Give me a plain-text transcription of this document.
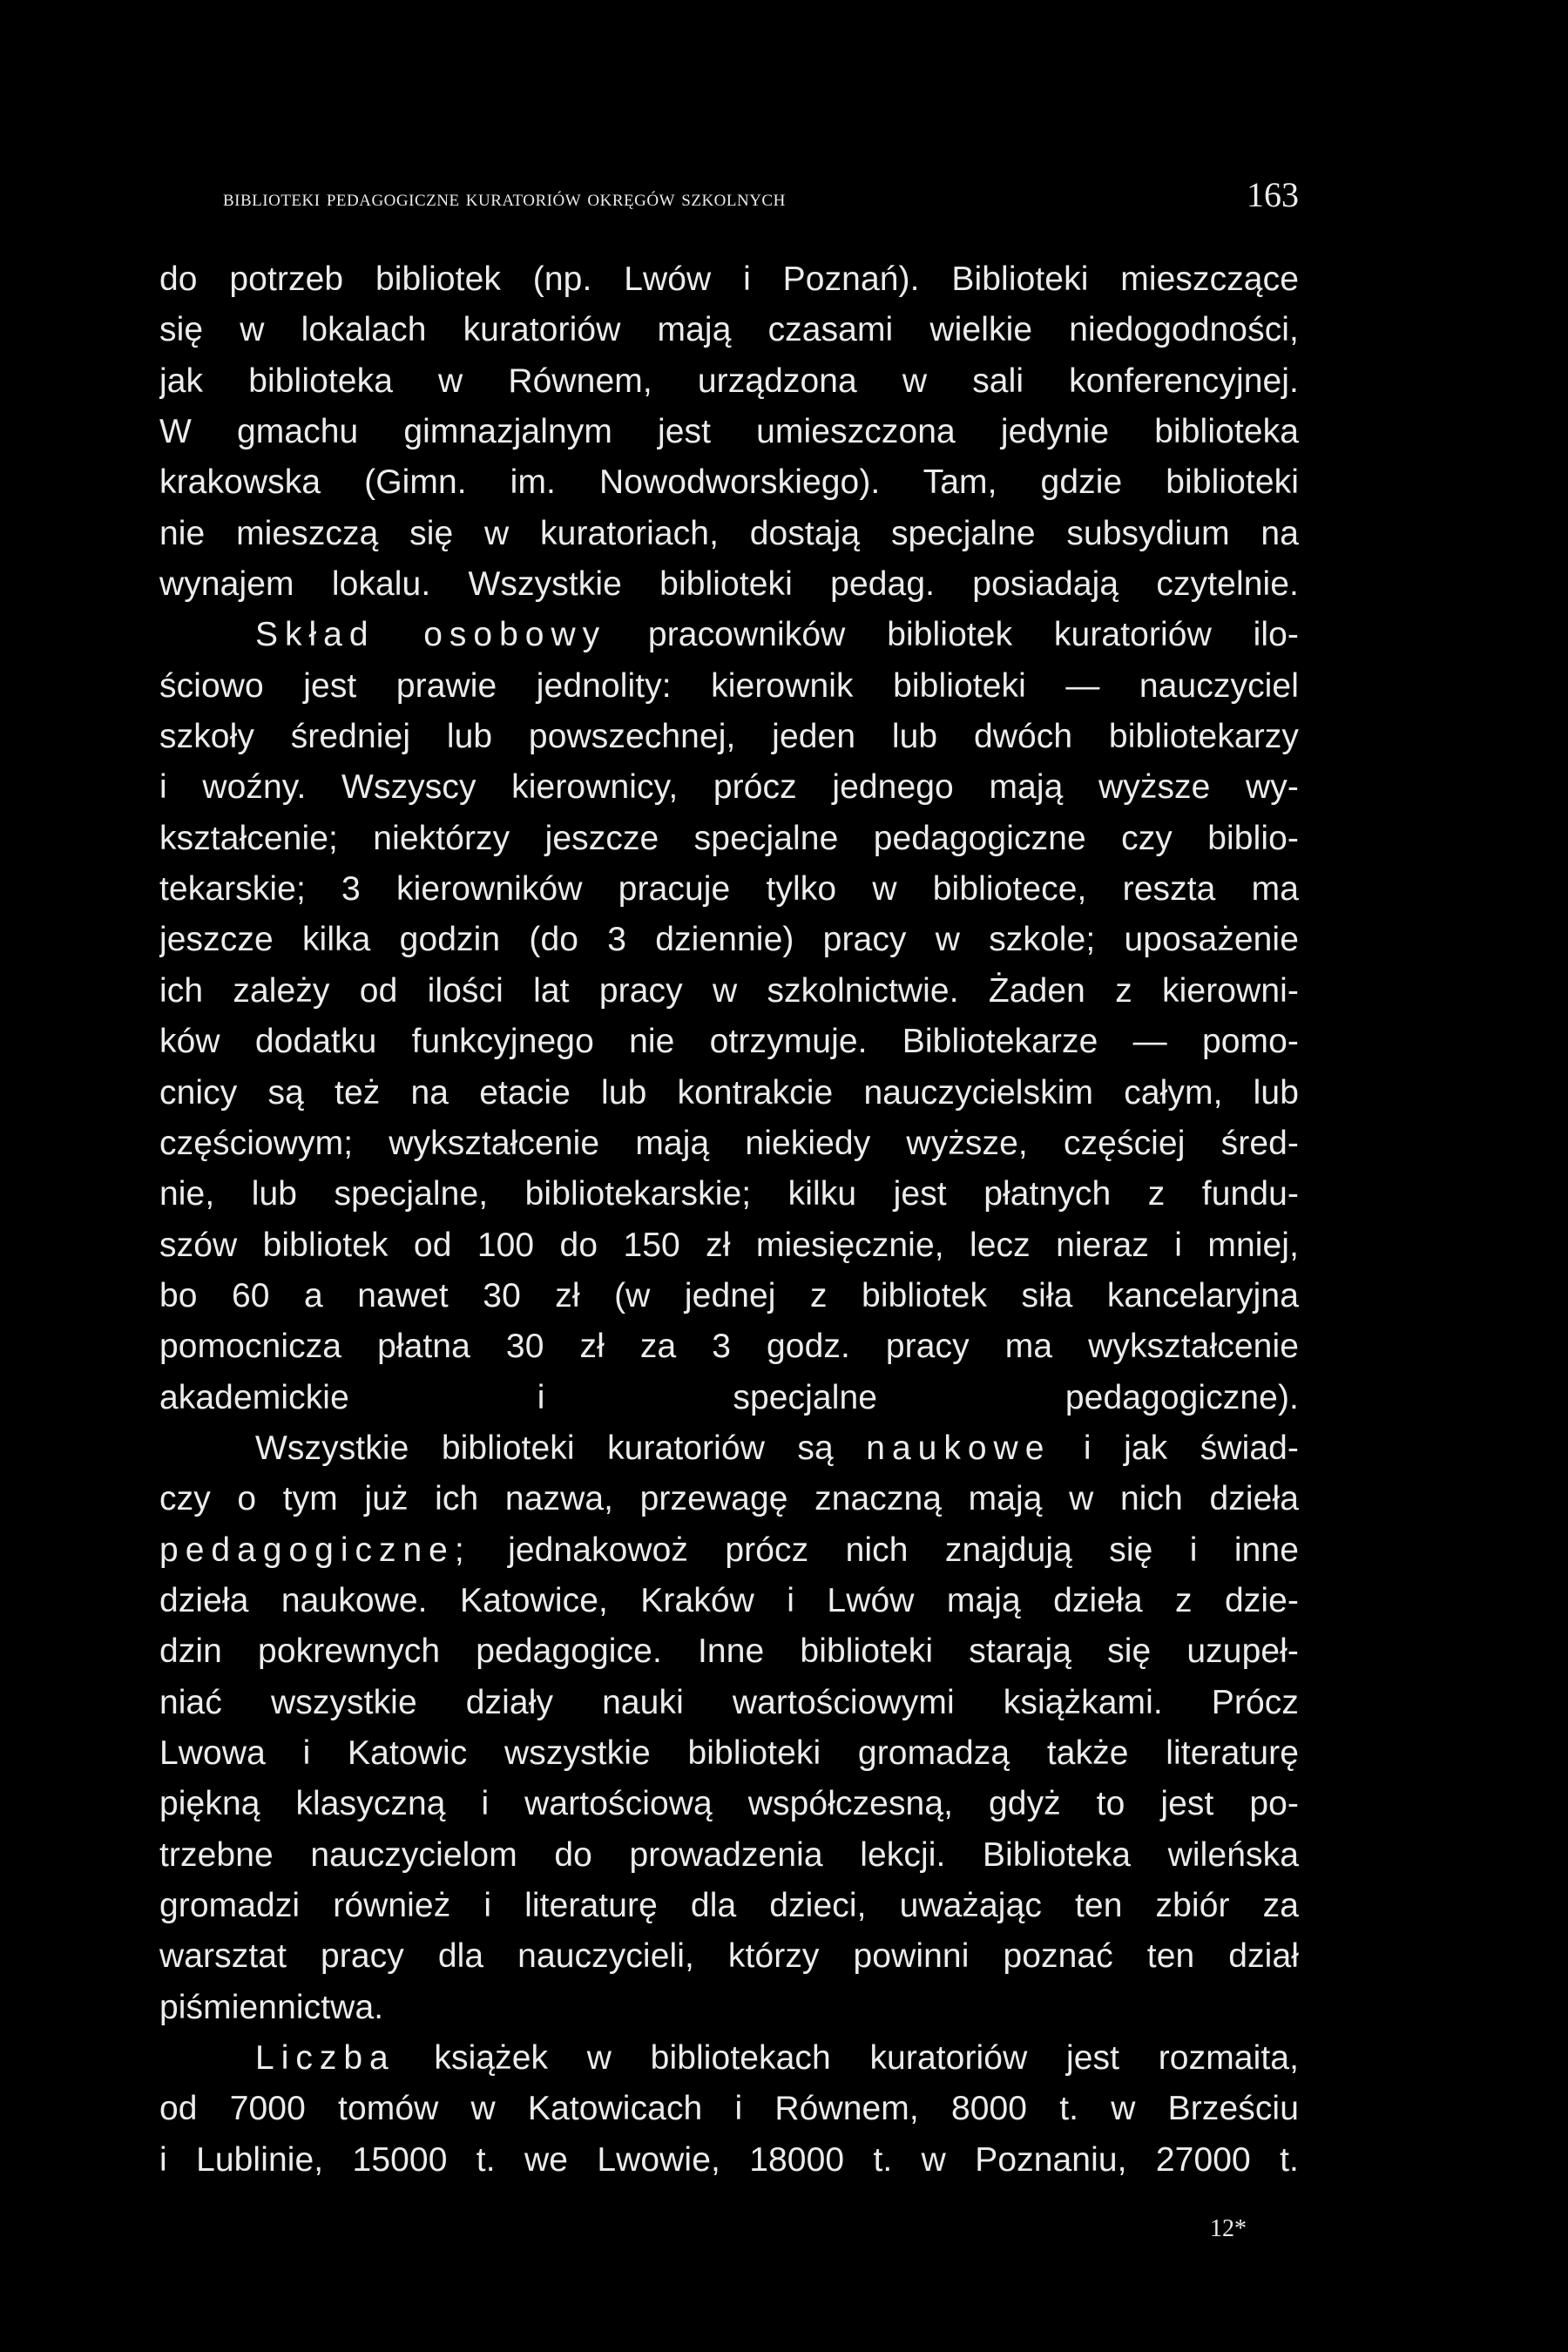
biblioteki pedagogiczne kuratoriów okręgów szkolnych	163
do potrzeb bibliotek (np. Lwów i Poznań). Biblioteki mieszczące
się w lokalach kuratoriów mają czasami wielkie niedogodności,
jak biblioteka w Równem, urządzona w sali konferencyjnej.
W gmachu gimnazjalnym jest umieszczona jedynie biblioteka
krakowska (Gimn. im. Nowodworskiego). Tam, gdzie biblioteki
nie mieszczą się w kuratoriach, dostają specjalne subsydium na
wynajem lokalu. Wszystkie biblioteki pedag. posiadają czytelnie.
Skład osobowy pracowników bibliotek kuratoriów ilo-
ściowo jest prawie jednolity: kierownik biblioteki — nauczyciel
szkoły średniej lub powszechnej, jeden lub dwóch bibliotekarzy
i woźny. Wszyscy kierownicy, prócz jednego mają wyższe wy-
kształcenie; niektórzy jeszcze specjalne pedagogiczne czy biblio-
tekarskie; 3 kierowników pracuje tylko w bibliotece, reszta ma
jeszcze kilka godzin (do 3 dziennie) pracy w szkole; uposażenie
ich zależy od ilości lat pracy w szkolnictwie. Żaden z kierowni-
ków dodatku funkcyjnego nie otrzymuje. Bibliotekarze — pomo-
cnicy są też na etacie lub kontrakcie nauczycielskim całym, lub
częściowym; wykształcenie mają niekiedy wyższe, częściej śred-
nie, lub specjalne, bibliotekarskie; kilku jest płatnych z fundu-
szów bibliotek od 100 do 150 zł miesięcznie, lecz nieraz i mniej,
bo 60 a nawet 30 zł (w jednej z bibliotek siła kancelaryjna
pomocnicza płatna 30 zł za 3 godz. pracy ma wykształcenie
akademickie i specjalne pedagogiczne).
Wszystkie biblioteki kuratoriów są naukowe i jak świad-
czy o tym już ich nazwa, przewagę znaczną mają w nich dzieła
pedagogiczne; jednakowoż prócz nich znajdują się i inne
dzieła naukowe. Katowice, Kraków i Lwów mają dzieła z dzie-
dzin pokrewnych pedagogice. Inne biblioteki starają się uzupeł-
niać wszystkie działy nauki wartościowymi książkami. Prócz
Lwowa i Katowic wszystkie biblioteki gromadzą także literaturę
piękną klasyczną i wartościową współczesną, gdyż to jest po-
trzebne nauczycielom do prowadzenia lekcji. Biblioteka wileńska
gromadzi również i literaturę dla dzieci, uważając ten zbiór za
warsztat pracy dla nauczycieli, którzy powinni poznać ten dział
piśmiennictwa.
Liczba książek w bibliotekach kuratoriów jest rozmaita,
od 7000 tomów w Katowicach i Równem, 8000 t. w Brześciu
i Lublinie, 15000 t. we Lwowie, 18000 t. w Poznaniu, 27000 t.
12*
